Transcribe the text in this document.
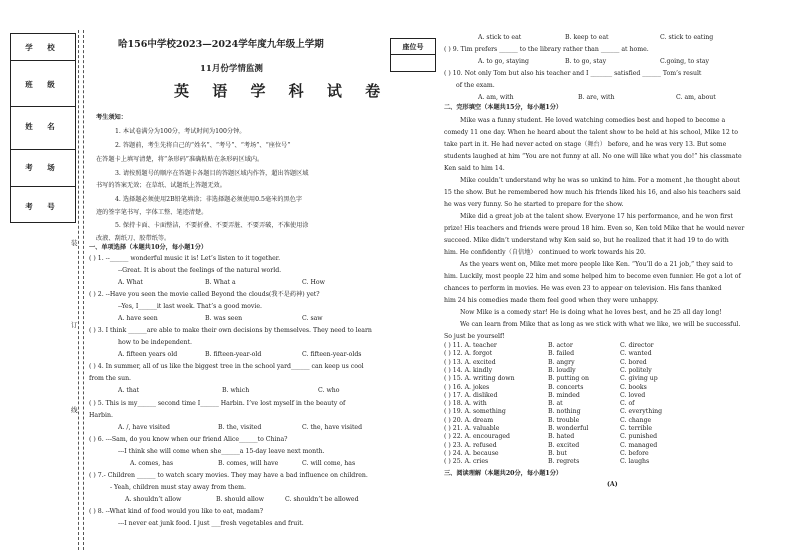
学 校
班 级
姓 名
考 场
考 号
装
订
线
哈156中学校2023—2024学年度九年级上学期
11月份学情监测
英 语 学 科 试 卷
座位号
考生须知：
1. 本试卷满分为100分，考试时间为100分钟。
2. 答题前，考生先将自己的“姓名”、“考号”、“考场”、“座位号”
在答题卡上填写清楚，将“条形码”准确粘贴在条形码区域内。
3. 请按照题号的顺序在答题卡各题目的答题区域内作答，超出答题区域
书写的答案无效；在草纸、试题纸上答题无效。
4. 选择题必须使用2B铅笔填涂；非选择题必须使用0.5毫米的黑色字
迹的签字笔书写，字体工整、笔迹清楚。
5. 保持卡面、卡面整洁，不要折叠、不要弄脏、不要弄破，不准使用涂
改液、刮纸刀、胶带纸等。
一、单项选择（本题共10分，每小题1分）
( ) 1. --______ wonderful music it is! Let’s listen to it together.
--Great. It is about the feelings of the natural world.
A. What	B. What a	C. How
( ) 2. --Have you seen the movie called Beyond the clouds(我不是药神) yet?
--Yes, I______it last week. That’s a good movie.
A. have seen	B. was seen	C. saw
( ) 3. I think ______are able to make their own decisions by themselves. They need to learn
how to be independent.
A. fifteen years old	B. fifteen-year-old	C. fifteen-year-olds
( ) 4. In summer, all of us like the biggest tree in the school yard______ can keep us cool
from the sun.
A. that	B. which	C. who
( ) 5. This is my______ second time I______ Harbin. I’ve lost myself in the beauty of
Harbin.
A. /, have visited	B. the, visited	C. the, have visited
( ) 6. ---Sam, do you know when our friend Alice______to China?
---I think she will come when she______a 15-day leave next month.
A. comes, has	B. comes, will have	C. will come, has
( ) 7.- Children ______ to watch scary movies. They may have a bad influence on children.
- Yeah, children must stay away from them.
A. shouldn’t allow	B. should allow	C. shouldn’t be allowed
( ) 8. --What kind of food would you like to eat, madam?
---I never eat junk food. I just ___fresh vegetables and fruit.
A. stick to eat	B. keep to eat	C. stick to eating
( ) 9. Tim prefers ______ to the library rather than ______ at home.
A. to go, staying	B. to go, stay	C.going, to stay
( ) 10. Not only Tom but also his teacher and I _______ satisfied ______ Tom’s result
of the exam.
A. am, with	B. are, with	C. am, about
二、完形填空（本题共15分，每小题1分）
Mike was a funny student. He loved watching comedies best and hoped to become a
comedy 11 one day. When he heard about the talent show to be held at his school, Mike 12 to
take part in it. He had never acted on stage（舞台） before, and he was very 13. But some
students laughed at him “You are not funny at all. No one will like what you do!” his classmate
Ken said to him 14.
Mike couldn’t understand why he was so unkind to him. For a moment ,he thought about
15 the show. But he remembered how much his friends liked his 16, and also his teachers said
he was very funny. So he started to prepare for the show.
Mike did a great job at the talent show. Everyone 17 his performance, and he won first
prize! His teachers and friends were proud 18 him. Even so, Ken told Mike that he would never
succeed. Mike didn’t understand why Ken said so, but he realized that it had 19 to do with
him. He confidently（自信地） continued to work towards his 20.
As the years went on, Mike met more people like Ken. “You’ll do a 21 job,” they said to
him. Luckily, most people 22 him and some helped him to become even funnier. He got a lot of
chances to perform in movies. He was even 23 to appear on television. His fans thanked
him 24 his comedies made them feel good when they were unhappy.
Now Mike is a comedy star! He is doing what he loves best, and he 25 all day long!
We can learn from Mike that as long as we stick with what we like, we will be successful.
So just be yourself!
( ) 11. A. teacher	B. actor	C. director
( ) 12. A. forgot	B. failed	C. wanted
( ) 13. A. excited	B. angry	C. bored
( ) 14. A. kindly	B. loudly	C. politely
( ) 15. A. writing down	B. putting on	C. giving up
( ) 16. A. jokes	B. concerts	C. books
( ) 17. A. disliked	B. minded	C. loved
( ) 18. A. with	B. at	C. of
( ) 19. A. something	B. nothing	C. everything
( ) 20. A. dream	B. trouble	C. change
( ) 21. A. valuable	B. wonderful	C. terrible
( ) 22. A. encouraged	B. hated	C. punished
( ) 23. A. refused	B. excited	C. managed
( ) 24. A. because	B. but	C. before
( ) 25. A. cries	B. regrets	C. laughs
三、阅读理解（本题共20分，每小题1分）
(A)
